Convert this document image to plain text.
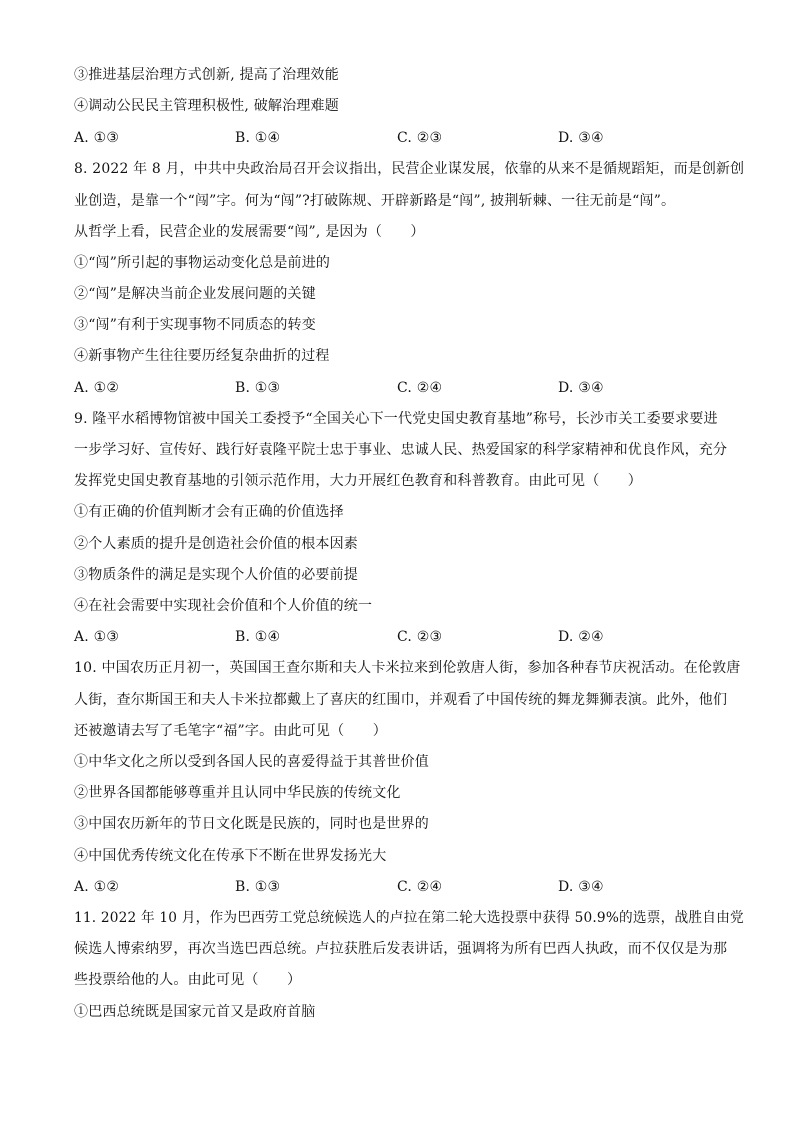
③推进基层治理方式创新, 提高了治理效能
④调动公民民主管理积极性, 破解治理难题
A. ①③	B. ①④	C. ②③	D. ③④
8. 2022 年 8 月，中共中央政治局召开会议指出，民营企业谋发展，依靠的从来不是循规蹈矩，而是创新创
业创造，是靠一个“闯”字。何为“闯”?打破陈规、开辟新路是“闯”, 披荆斩棘、一往无前是“闯”。
从哲学上看，民营企业的发展需要“闯”, 是因为（　　）
①“闯”所引起的事物运动变化总是前进的
②“闯”是解决当前企业发展问题的关键
③“闯”有利于实现事物不同质态的转变
④新事物产生往往要历经复杂曲折的过程
A. ①②	B. ①③	C. ②④	D. ③④
9. 隆平水稻博物馆被中国关工委授予“全国关心下一代党史国史教育基地”称号，长沙市关工委要求要进
一步学习好、宣传好、践行好袁隆平院士忠于事业、忠诚人民、热爱国家的科学家精神和优良作风，充分
发挥党史国史教育基地的引领示范作用，大力开展红色教育和科普教育。由此可见（　　）
①有正确的价值判断才会有正确的价值选择
②个人素质的提升是创造社会价值的根本因素
③物质条件的满足是实现个人价值的必要前提
④在社会需要中实现社会价值和个人价值的统一
A. ①③	B. ①④	C. ②③	D. ②④
10. 中国农历正月初一，英国国王查尔斯和夫人卡米拉来到伦敦唐人街，参加各种春节庆祝活动。在伦敦唐
人街，查尔斯国王和夫人卡米拉都戴上了喜庆的红围巾，并观看了中国传统的舞龙舞狮表演。此外，他们
还被邀请去写了毛笔字“福”字。由此可见（　　）
①中华文化之所以受到各国人民的喜爱得益于其普世价值
②世界各国都能够尊重并且认同中华民族的传统文化
③中国农历新年的节日文化既是民族的，同时也是世界的
④中国优秀传统文化在传承下不断在世界发扬光大
A. ①②	B. ①③	C. ②④	D. ③④
11. 2022 年 10 月，作为巴西劳工党总统候选人的卢拉在第二轮大选投票中获得 50.9%的选票，战胜自由党
候选人博索纳罗，再次当选巴西总统。卢拉获胜后发表讲话，强调将为所有巴西人执政，而不仅仅是为那
些投票给他的人。由此可见（　　）
①巴西总统既是国家元首又是政府首脑
